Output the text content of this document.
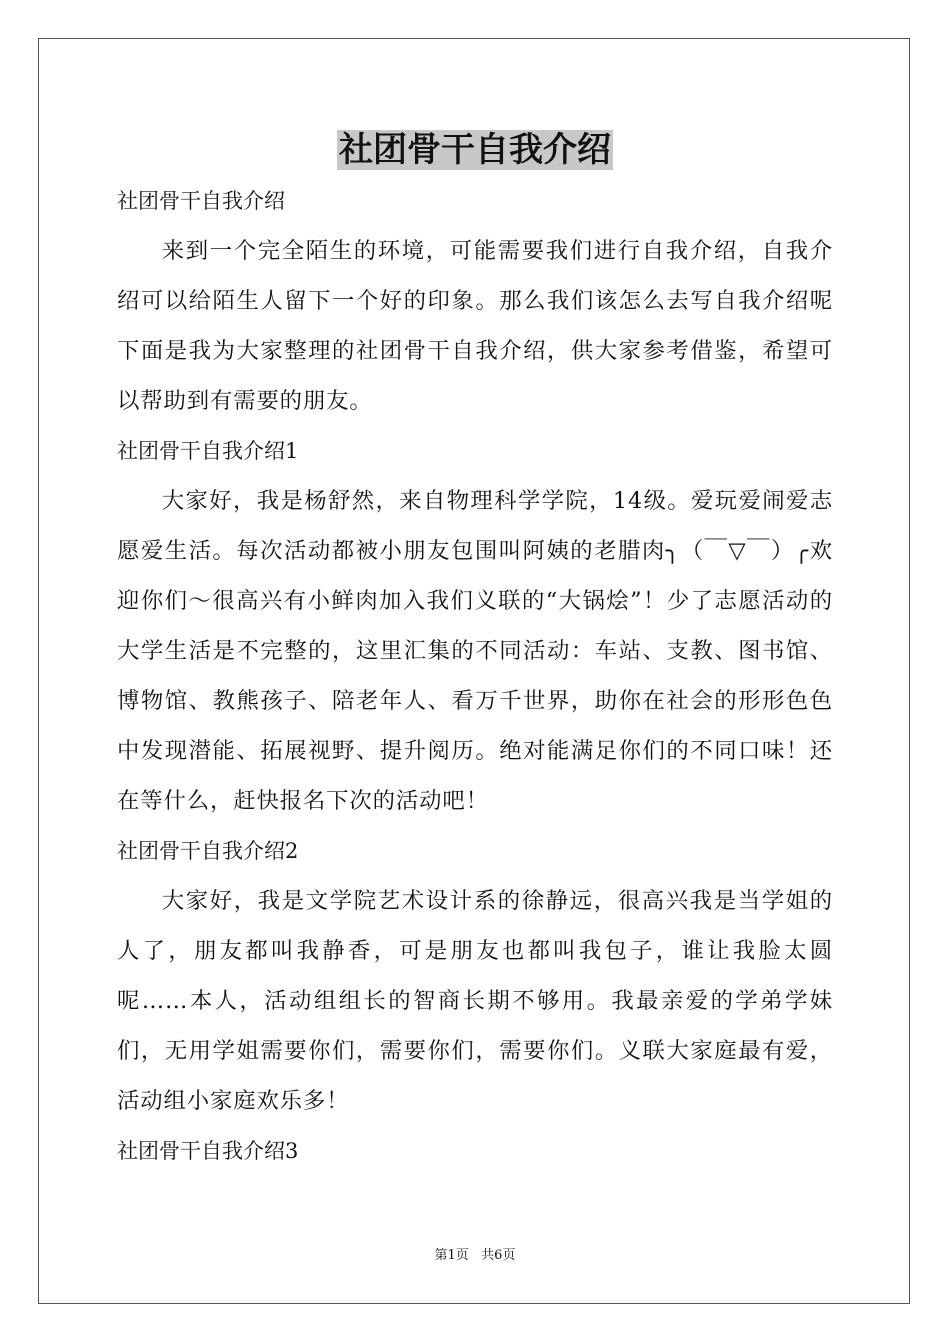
社团骨干自我介绍

社团骨干自我介绍

来到一个完全陌生的环境，可能需要我们进行自我介绍，自我介绍可以给陌生人留下一个好的印象。那么我们该怎么去写自我介绍呢下面是我为大家整理的社团骨干自我介绍，供大家参考借鉴，希望可以帮助到有需要的朋友。

社团骨干自我介绍1

大家好，我是杨舒然，来自物理科学学院，14级。爱玩爱闹爱志愿爱生活。每次活动都被小朋友包围叫阿姨的老腊肉╮（￣▽￣）╭欢迎你们～很高兴有小鲜肉加入我们义联的“大锅烩”！少了志愿活动的大学生活是不完整的，这里汇集的不同活动：车站、支教、图书馆、博物馆、教熊孩子、陪老年人、看万千世界，助你在社会的形形色色中发现潜能、拓展视野、提升阅历。绝对能满足你们的不同口味！还在等什么，赶快报名下次的活动吧！

社团骨干自我介绍2

大家好，我是文学院艺术设计系的徐静远，很高兴我是当学姐的人了，朋友都叫我静香，可是朋友也都叫我包子，谁让我脸太圆呢……本人，活动组组长的智商长期不够用。我最亲爱的学弟学妹们，无用学姐需要你们，需要你们，需要你们。义联大家庭最有爱，活动组小家庭欢乐多！

社团骨干自我介绍3

第1页   共6页
